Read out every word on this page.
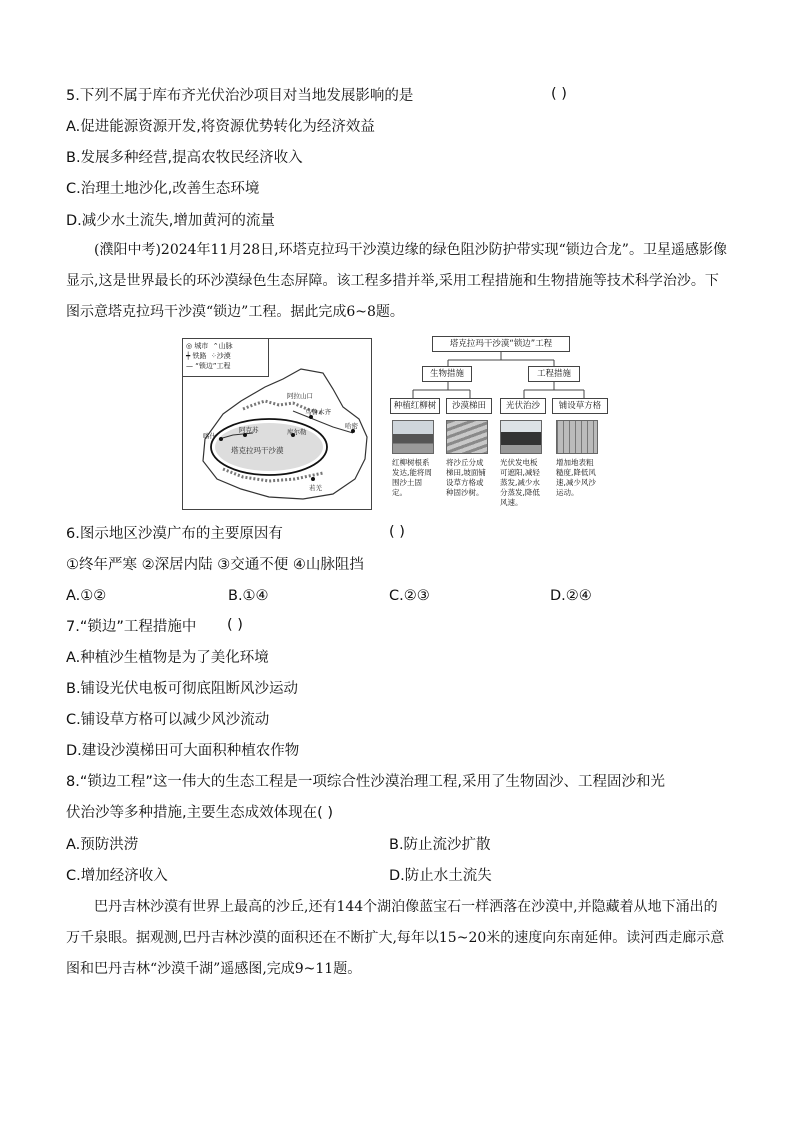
5.下列不属于库布齐光伏治沙项目对当地发展影响的是	( )
A.促进能源资源开发,将资源优势转化为经济效益
B.发展多种经营,提高农牧民经济收入
C.治理土地沙化,改善生态环境
D.减少水土流失,增加黄河的流量
(濮阳中考)2024年11月28日,环塔克拉玛干沙漠边缘的绿色阻沙防护带实现“锁边合龙”。卫星遥感影像显示,这是世界最长的环沙漠绿色生态屏障。该工程多措并举,采用工程措施和生物措施等技术科学治沙。下图示意塔克拉玛干沙漠“锁边”工程。据此完成6~8题。
◎ 城市 ⌃山脉
┿ 铁路 ⁘沙漠
— “锁边”工程
阿拉山口
乌鲁木齐
哈密
喀什
阿克苏	库尔勒
塔克拉玛干沙漠
若羌
塔克拉玛干沙漠“锁边”工程
生物措施	工程措施
种植红柳树	沙漠梯田	光伏治沙	铺设草方格
红柳树根系发达,能将周围沙土固定。
将沙丘分成梯田,坡面铺设草方格或种固沙树。
光伏发电板可遮阳,减轻蒸发,减少水分蒸发,降低风速。
增加地表粗糙度,降低风速,减少风沙运动。
6.图示地区沙漠广布的主要原因有	( )
①终年严寒 ②深居内陆 ③交通不便 ④山脉阻挡
A.①②	B.①④	C.②③	D.②④
7.“锁边”工程措施中 ( )
A.种植沙生植物是为了美化环境
B.铺设光伏电板可彻底阻断风沙运动
C.铺设草方格可以减少风沙流动
D.建设沙漠梯田可大面积种植农作物
8.“锁边工程”这一伟大的生态工程是一项综合性沙漠治理工程,采用了生物固沙、工程固沙和光
伏治沙等多种措施,主要生态成效体现在( )
A.预防洪涝	B.防止流沙扩散
C.增加经济收入	D.防止水土流失
巴丹吉林沙漠有世界上最高的沙丘,还有144个湖泊像蓝宝石一样洒落在沙漠中,并隐藏着从地下涌出的万千泉眼。据观测,巴丹吉林沙漠的面积还在不断扩大,每年以15~20米的速度向东南延伸。读河西走廊示意图和巴丹吉林“沙漠千湖”遥感图,完成9~11题。
